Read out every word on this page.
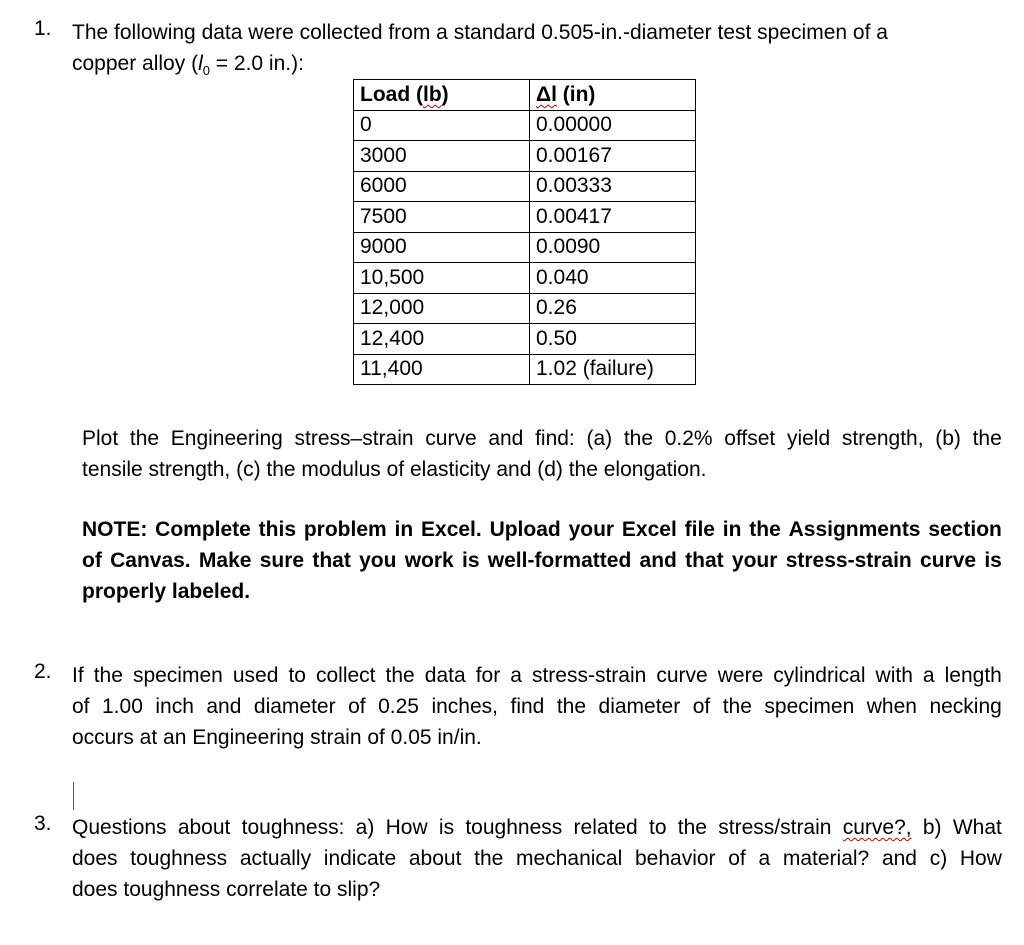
1. The following data were collected from a standard 0.505-in.-diameter test specimen of a
copper alloy ($l_0 = 2.0$ in.):
Load (lb)	Δl (in)
0	0.00000
3000	0.00167
6000	0.00333
7500	0.00417
9000	0.0090
10,500	0.040
12,000	0.26
12,400	0.50
11,400	1.02 (failure)
Plot the Engineering stress–strain curve and find: (a) the 0.2% offset yield strength, (b) the
tensile strength, (c) the modulus of elasticity and (d) the elongation.
NOTE: Complete this problem in Excel. Upload your Excel file in the Assignments section
of Canvas. Make sure that you work is well-formatted and that your stress-strain curve is
properly labeled.
2. If the specimen used to collect the data for a stress-strain curve were cylindrical with a length
of 1.00 inch and diameter of 0.25 inches, find the diameter of the specimen when necking
occurs at an Engineering strain of 0.05 in/in.
3. Questions about toughness: a) How is toughness related to the stress/strain curve?, b) What
does toughness actually indicate about the mechanical behavior of a material? and c) How
does toughness correlate to slip?
